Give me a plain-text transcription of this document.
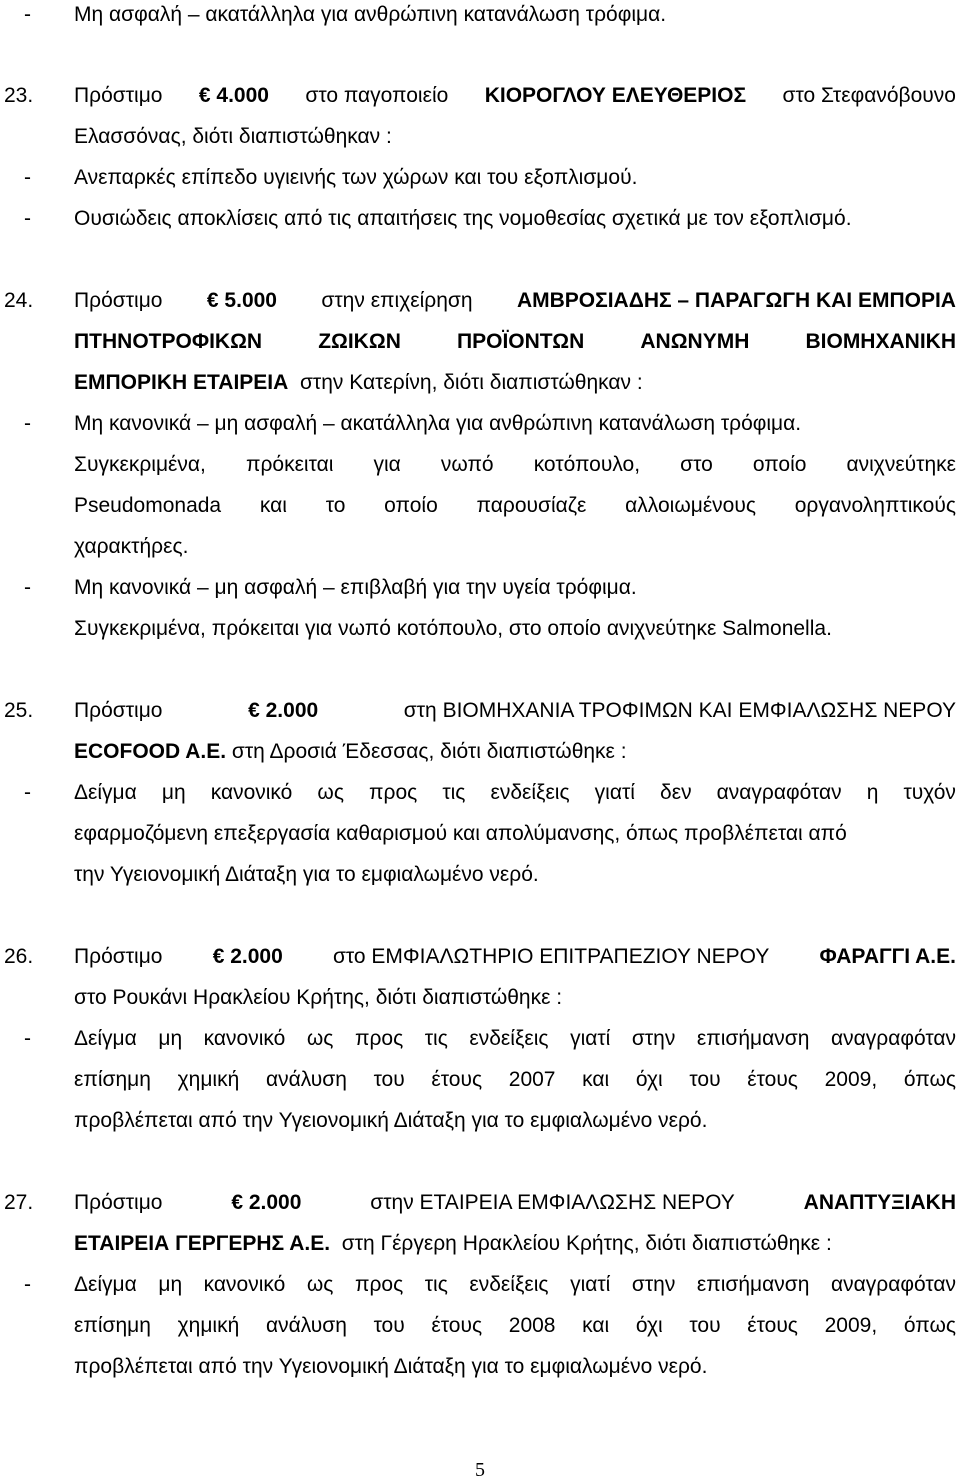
- Μη ασφαλή – ακατάλληλα για ανθρώπινη κατανάλωση τρόφιμα.
23. Πρόστιμο € 4.000 στο παγοποιείο ΚΙΟΡΟΓΛΟΥ ΕΛΕΥΘΕΡΙΟΣ στο Στεφανόβουνο
Ελασσόνας, διότι διαπιστώθηκαν :
- Ανεπαρκές επίπεδο υγιεινής των χώρων και του εξοπλισμού.
- Ουσιώδεις αποκλίσεις από τις απαιτήσεις της νομοθεσίας σχετικά με τον εξοπλισμό.
24. Πρόστιμο € 5.000 στην επιχείρηση ΑΜΒΡΟΣΙΑΔΗΣ – ΠΑΡΑΓΩΓΗ ΚΑΙ ΕΜΠΟΡΙΑ
ΠΤΗΝΟΤΡΟΦΙΚΩΝ	ΖΩΙΚΩΝ	ΠΡΟΪΟΝΤΩΝ	ΑΝΩΝΥΜΗ	ΒΙΟΜΗΧΑΝΙΚΗ
ΕΜΠΟΡΙΚΗ ΕΤΑΙΡΕΙΑ στην Κατερίνη, διότι διαπιστώθηκαν :
- Μη κανονικά – μη ασφαλή – ακατάλληλα για ανθρώπινη κατανάλωση τρόφιμα.
Συγκεκριμένα, πρόκειται για νωπό κοτόπουλο, στο οποίο ανιχνεύτηκε
Pseudomonada και το οποίο παρουσίαζε αλλοιωμένους οργανοληπτικούς
χαρακτήρες.
- Μη κανονικά – μη ασφαλή – επιβλαβή για την υγεία τρόφιμα.
Συγκεκριμένα, πρόκειται για νωπό κοτόπουλο, στο οποίο ανιχνεύτηκε Salmonella.
25. Πρόστιμο	€ 2.000	στη ΒΙΟΜΗΧΑΝΙΑ ΤΡΟΦΙΜΩΝ ΚΑΙ ΕΜΦΙΑΛΩΣΗΣ ΝΕΡΟΥ
ECOFOOD A.E. στη Δροσιά Έδεσσας, διότι διαπιστώθηκε :
- Δείγμα μη κανονικό ως προς τις ενδείξεις γιατί δεν αναγραφόταν η τυχόν
εφαρμοζόμενη επεξεργασία καθαρισμού και απολύμανσης, όπως προβλέπεται από
την Υγειονομική Διάταξη για το εμφιαλωμένο νερό.
26. Πρόστιμο € 2.000 στο ΕΜΦΙΑΛΩΤΗΡΙΟ ΕΠΙΤΡΑΠΕΖΙΟΥ ΝΕΡΟΥ ΦΑΡΑΓΓΙ Α.Ε.
στο Ρουκάνι Ηρακλείου Κρήτης, διότι διαπιστώθηκε :
- Δείγμα μη κανονικό ως προς τις ενδείξεις γιατί στην επισήμανση αναγραφόταν
επίσημη χημική ανάλυση του έτους 2007 και όχι του έτους 2009, όπως
προβλέπεται από την Υγειονομική Διάταξη για το εμφιαλωμένο νερό.
27. Πρόστιμο	€ 2.000	στην ΕΤΑΙΡΕΙΑ ΕΜΦΙΑΛΩΣΗΣ ΝΕΡΟΥ	ΑΝΑΠΤΥΞΙΑΚΗ
ΕΤΑΙΡΕΙΑ ΓΕΡΓΕΡΗΣ Α.Ε. στη Γέργερη Ηρακλείου Κρήτης, διότι διαπιστώθηκε :
- Δείγμα μη κανονικό ως προς τις ενδείξεις γιατί στην επισήμανση αναγραφόταν
επίσημη χημική ανάλυση του έτους 2008 και όχι του έτους 2009, όπως
προβλέπεται από την Υγειονομική Διάταξη για το εμφιαλωμένο νερό.
5
